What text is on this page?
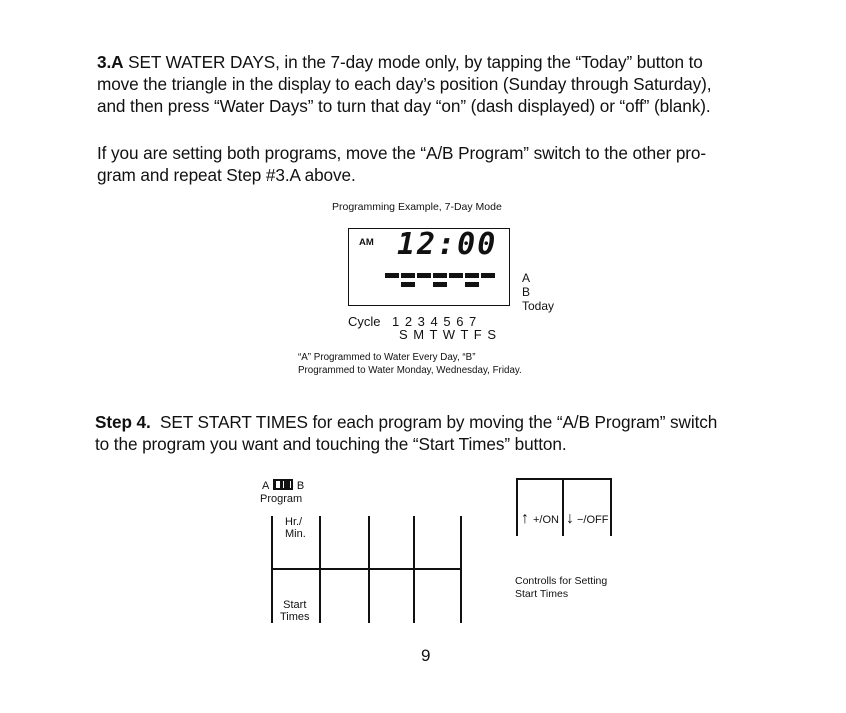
3.A SET WATER DAYS, in the 7-day mode only, by tapping the “Today” button to
move the triangle in the display to each day’s position (Sunday through Saturday),
and then press “Water Days” to turn that day “on” (dash displayed) or “off” (blank).
If you are setting both programs, move the “A/B Program” switch to the other pro-
gram and repeat Step #3.A above.
Programming Example, 7-Day Mode
AM 12:00
A
B
Today
Cycle 1 2 3 4 5 6 7
S M T W T F S
“A” Programmed to Water Every Day, “B”
Programmed to Water Monday, Wednesday, Friday.
Step 4. SET START TIMES for each program by moving the “A/B Program” switch
to the program you want and touching the “Start Times” button.
A	B
Program
Hr./
Min.
Start
Times
↑ +/ON ↓ −/OFF
Controlls for Setting
Start Times
9
